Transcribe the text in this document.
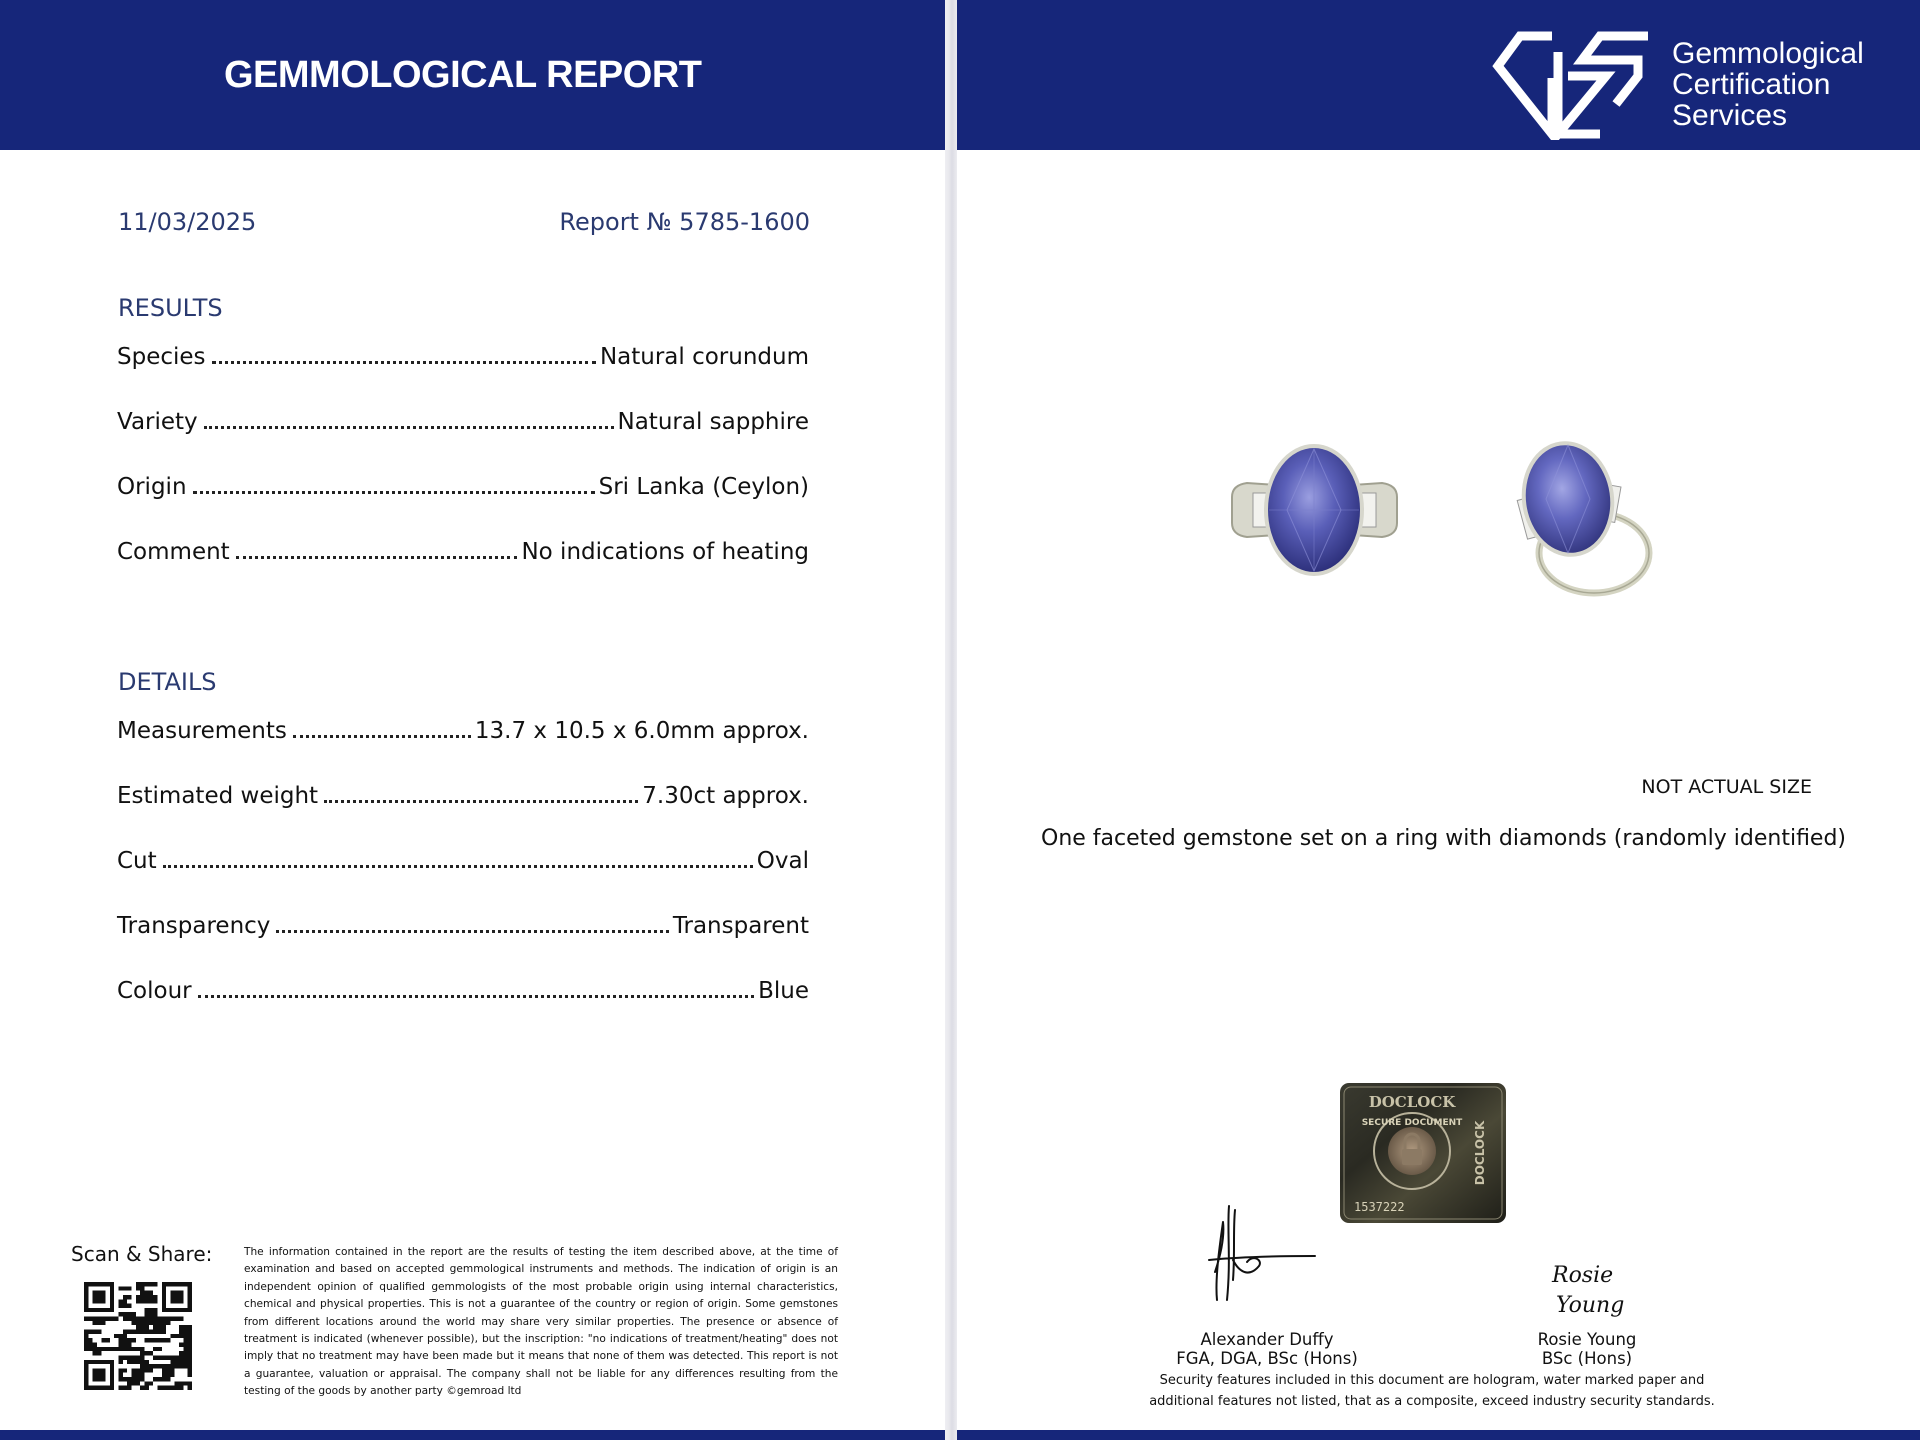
GEMMOLOGICAL REPORT
11/03/2025	Report № 5785-1600
RESULTS
Species	Natural corundum
Variety	Natural sapphire
Origin	Sri Lanka (Ceylon)
Comment	No indications of heating
DETAILS
Measurements	13.7 x 10.5 x 6.0mm approx.
Estimated weight	7.30ct approx.
Cut	Oval
Transparency	Transparent
Colour	Blue
Scan & Share:	The information contained in the report are the results of testing the item described above, at the time of examination and based on accepted gemmological instruments and methods. The indication of origin is an independent opinion of qualified gemmologists of the most probable origin using internal characteristics, chemical and physical properties. This is not a guarantee of the country or region of origin. Some gemstones from different locations around the world may share very similar properties. The presence or absence of treatment is indicated (whenever possible), but the inscription: "no indications of treatment/heating" does not imply that no treatment may have been made but it means that none of them was detected. This report is not a guarantee, valuation or appraisal. The company shall not be liable for any differences resulting from the testing of the goods by another party ©gemroad ltd
Gemmological
Certification
Services
NOT ACTUAL SIZE
One faceted gemstone set on a ring with diamonds (randomly identified)
DOCLOCK
SECURE DOCUMENT DOCLOCK
1537222
Alexander Duffy
FGA, DGA, BSc (Hons)
Rosie
Young
Rosie Young
BSc (Hons)
Security features included in this document are hologram, water marked paper and additional features not listed, that as a composite, exceed industry security standards.
